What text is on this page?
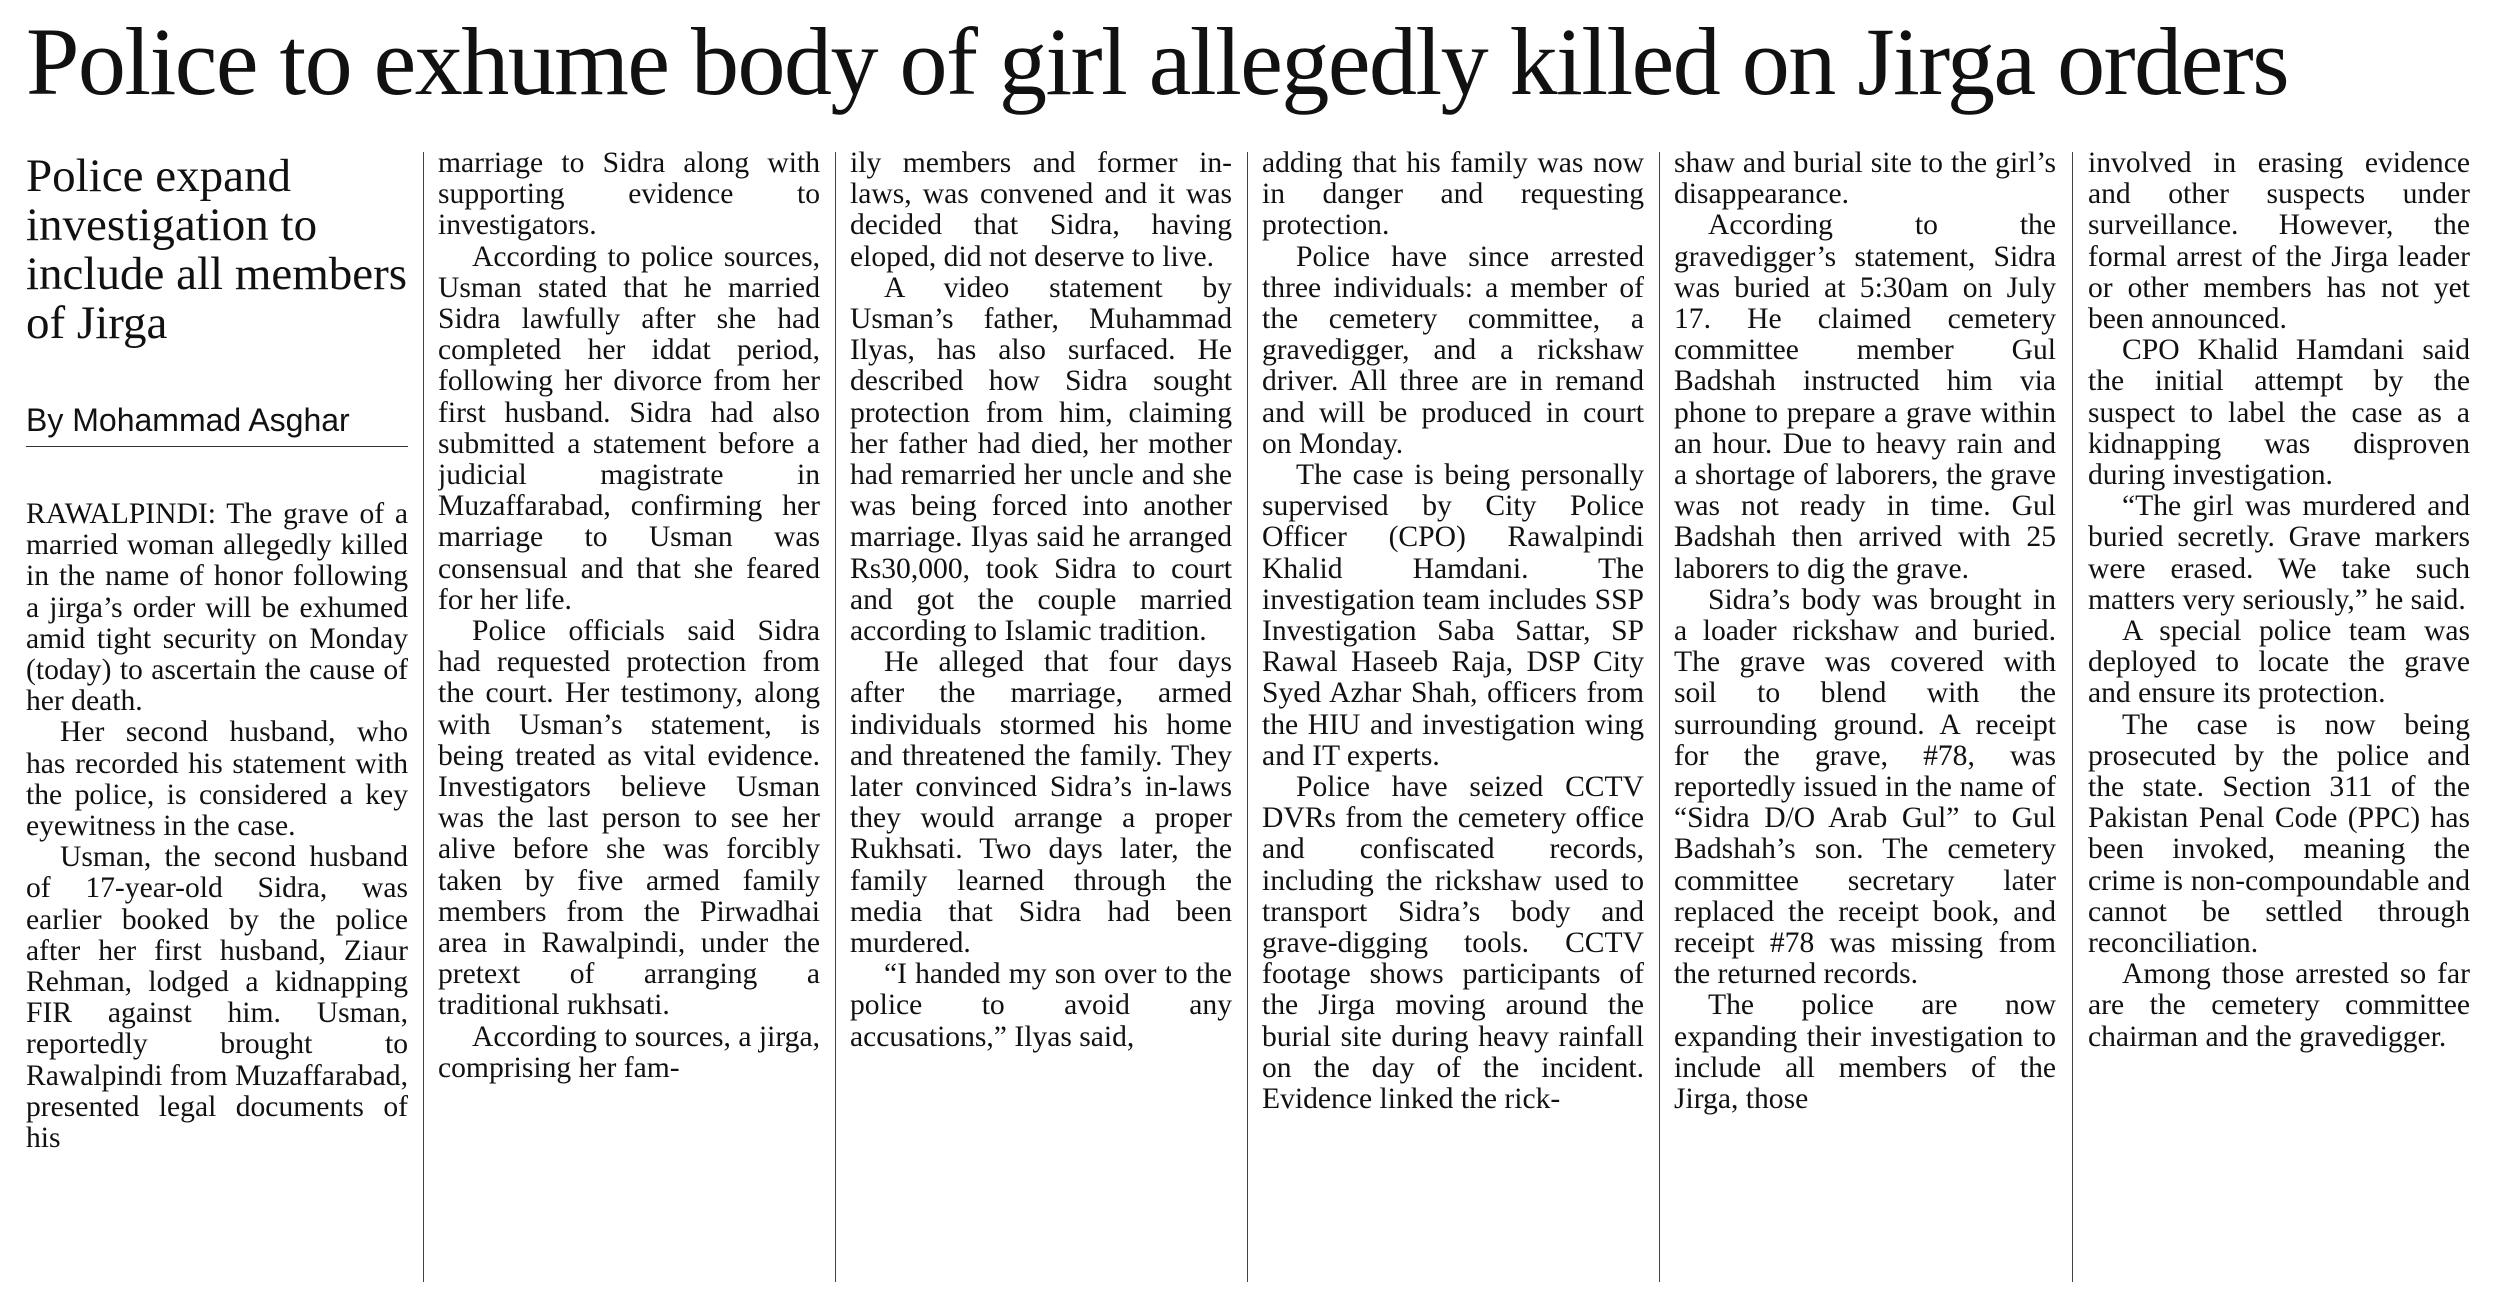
Police to exhume body of girl allegedly killed on Jirga orders
Police expand investigation to include all members of Jirga
By Mohammad Asghar

RAWALPINDI: The grave of a married woman allegedly killed in the name of honor following a jirga’s order will be exhumed amid tight security on Monday (today) to ascertain the cause of her death.

Her second husband, who has recorded his statement with the police, is considered a key eyewitness in the case.

Usman, the second husband of 17-year-old Sidra, was earlier booked by the police after her first husband, Ziaur Rehman, lodged a kidnapping FIR against him. Usman, reportedly brought to Rawalpindi from Muzaffarabad, presented legal documents of his

marriage to Sidra along with supporting evidence to investigators.

According to police sources, Usman stated that he married Sidra lawfully after she had completed her iddat period, following her divorce from her first husband. Sidra had also submitted a statement before a judicial magistrate in Muzaffarabad, confirming her marriage to Usman was consensual and that she feared for her life.

Police officials said Sidra had requested protection from the court. Her testimony, along with Usman’s statement, is being treated as vital evidence. Investigators believe Usman was the last person to see her alive before she was forcibly taken by five armed family members from the Pirwadhai area in Rawalpindi, under the pretext of arranging a traditional rukhsati.

According to sources, a jirga, comprising her fam-

ily members and former in-laws, was convened and it was decided that Sidra, having eloped, did not deserve to live.

A video statement by Usman’s father, Muhammad Ilyas, has also surfaced. He described how Sidra sought protection from him, claiming her father had died, her mother had remarried her uncle and she was being forced into another marriage. Ilyas said he arranged Rs30,000, took Sidra to court and got the couple married according to Islamic tradition.

He alleged that four days after the marriage, armed individuals stormed his home and threatened the family. They later convinced Sidra’s in-laws they would arrange a proper Rukhsati. Two days later, the family learned through the media that Sidra had been murdered.

“I handed my son over to the police to avoid any accusations,” Ilyas said,

adding that his family was now in danger and requesting protection.

Police have since arrested three individuals: a member of the cemetery committee, a gravedigger, and a rickshaw driver. All three are in remand and will be produced in court on Monday.

The case is being personally supervised by City Police Officer (CPO) Rawalpindi Khalid Hamdani. The investigation team includes SSP Investigation Saba Sattar, SP Rawal Haseeb Raja, DSP City Syed Azhar Shah, officers from the HIU and investigation wing and IT experts.

Police have seized CCTV DVRs from the cemetery office and confiscated records, including the rickshaw used to transport Sidra’s body and grave-digging tools. CCTV footage shows participants of the Jirga moving around the burial site during heavy rainfall on the day of the incident. Evidence linked the rick-

shaw and burial site to the girl’s disappearance.

According to the gravedigger’s statement, Sidra was buried at 5:30am on July 17. He claimed cemetery committee member Gul Badshah instructed him via phone to prepare a grave within an hour. Due to heavy rain and a shortage of laborers, the grave was not ready in time. Gul Badshah then arrived with 25 laborers to dig the grave.

Sidra’s body was brought in a loader rickshaw and buried. The grave was covered with soil to blend with the surrounding ground. A receipt for the grave, #78, was reportedly issued in the name of “Sidra D/O Arab Gul” to Gul Badshah’s son. The cemetery committee secretary later replaced the receipt book, and receipt #78 was missing from the returned records.

The police are now expanding their investigation to include all members of the Jirga, those

involved in erasing evidence and other suspects under surveillance. However, the formal arrest of the Jirga leader or other members has not yet been announced.

CPO Khalid Hamdani said the initial attempt by the suspect to label the case as a kidnapping was disproven during investigation.

“The girl was murdered and buried secretly. Grave markers were erased. We take such matters very seriously,” he said.

A special police team was deployed to locate the grave and ensure its protection.

The case is now being prosecuted by the police and the state. Section 311 of the Pakistan Penal Code (PPC) has been invoked, meaning the crime is non-compoundable and cannot be settled through reconciliation.

Among those arrested so far are the cemetery committee chairman and the gravedigger.
